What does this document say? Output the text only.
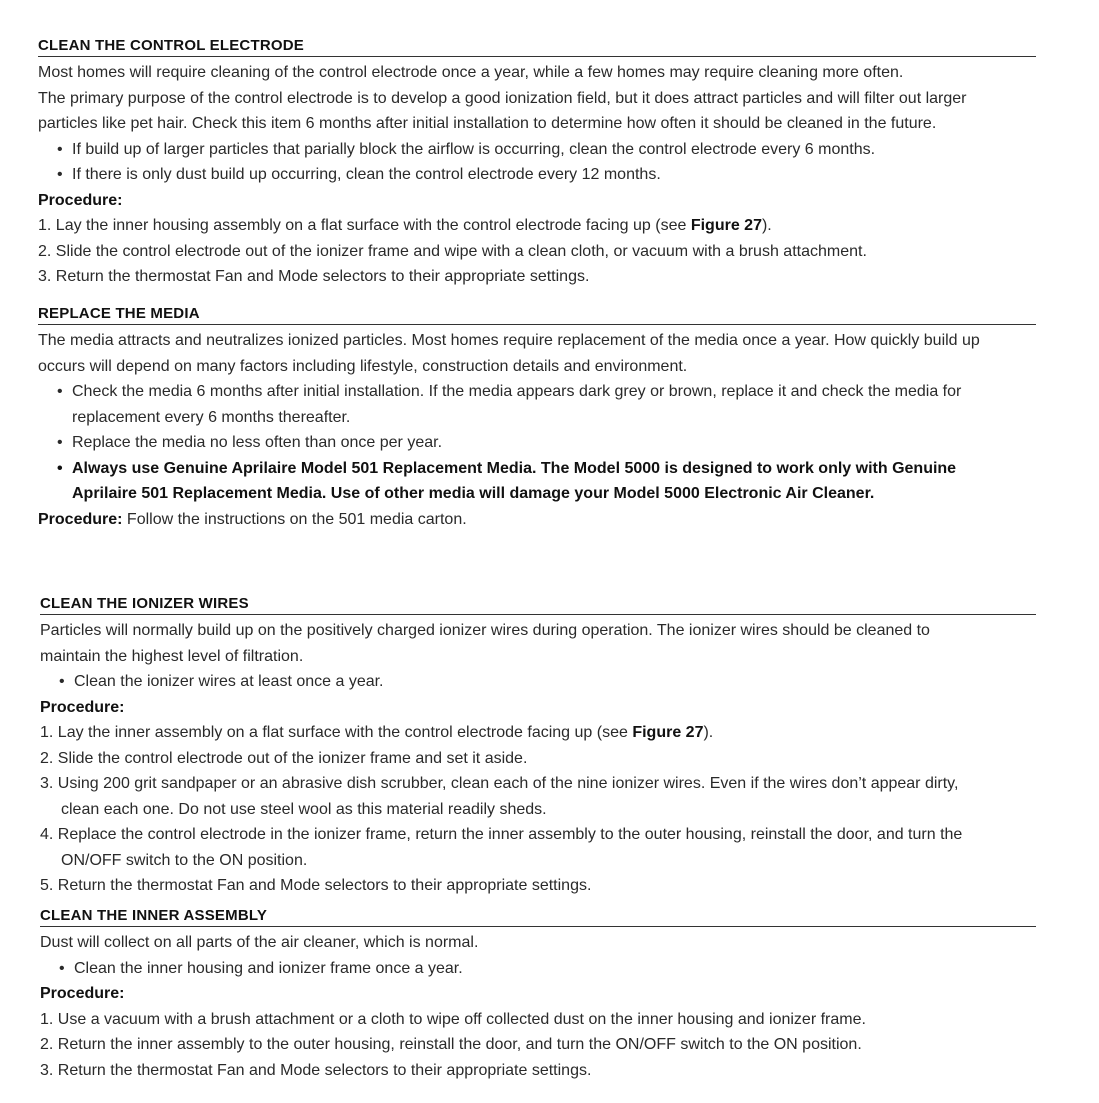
CLEAN THE CONTROL ELECTRODE
Most homes will require cleaning of the control electrode once a year, while a few homes may require cleaning more often.
The primary purpose of the control electrode is to develop a good ionization field, but it does attract particles and will filter out larger
particles like pet hair. Check this item 6 months after initial installation to determine how often it should be cleaned in the future.
• If build up of larger particles that parially block the airflow is occurring, clean the control electrode every 6 months.
• If there is only dust build up occurring, clean the control electrode every 12 months.
Procedure:
1. Lay the inner housing assembly on a flat surface with the control electrode facing up (see Figure 27).
2. Slide the control electrode out of the ionizer frame and wipe with a clean cloth, or vacuum with a brush attachment.
3. Return the thermostat Fan and Mode selectors to their appropriate settings.
REPLACE THE MEDIA
The media attracts and neutralizes ionized particles. Most homes require replacement of the media once a year. How quickly build up
occurs will depend on many factors including lifestyle, construction details and environment.
• Check the media 6 months after initial installation. If the media appears dark grey or brown, replace it and check the media for
replacement every 6 months thereafter.
• Replace the media no less often than once per year.
• Always use Genuine Aprilaire Model 501 Replacement Media. The Model 5000 is designed to work only with Genuine
Aprilaire 501 Replacement Media. Use of other media will damage your Model 5000 Electronic Air Cleaner.
Procedure: Follow the instructions on the 501 media carton.
CLEAN THE IONIZER WIRES
Particles will normally build up on the positively charged ionizer wires during operation. The ionizer wires should be cleaned to
maintain the highest level of filtration.
• Clean the ionizer wires at least once a year.
Procedure:
1. Lay the inner assembly on a flat surface with the control electrode facing up (see Figure 27).
2. Slide the control electrode out of the ionizer frame and set it aside.
3. Using 200 grit sandpaper or an abrasive dish scrubber, clean each of the nine ionizer wires. Even if the wires don’t appear dirty,
clean each one. Do not use steel wool as this material readily sheds.
4. Replace the control electrode in the ionizer frame, return the inner assembly to the outer housing, reinstall the door, and turn the
ON/OFF switch to the ON position.
5. Return the thermostat Fan and Mode selectors to their appropriate settings.
CLEAN THE INNER ASSEMBLY
Dust will collect on all parts of the air cleaner, which is normal.
• Clean the inner housing and ionizer frame once a year.
Procedure:
1. Use a vacuum with a brush attachment or a cloth to wipe off collected dust on the inner housing and ionizer frame.
2. Return the inner assembly to the outer housing, reinstall the door, and turn the ON/OFF switch to the ON position.
3. Return the thermostat Fan and Mode selectors to their appropriate settings.
